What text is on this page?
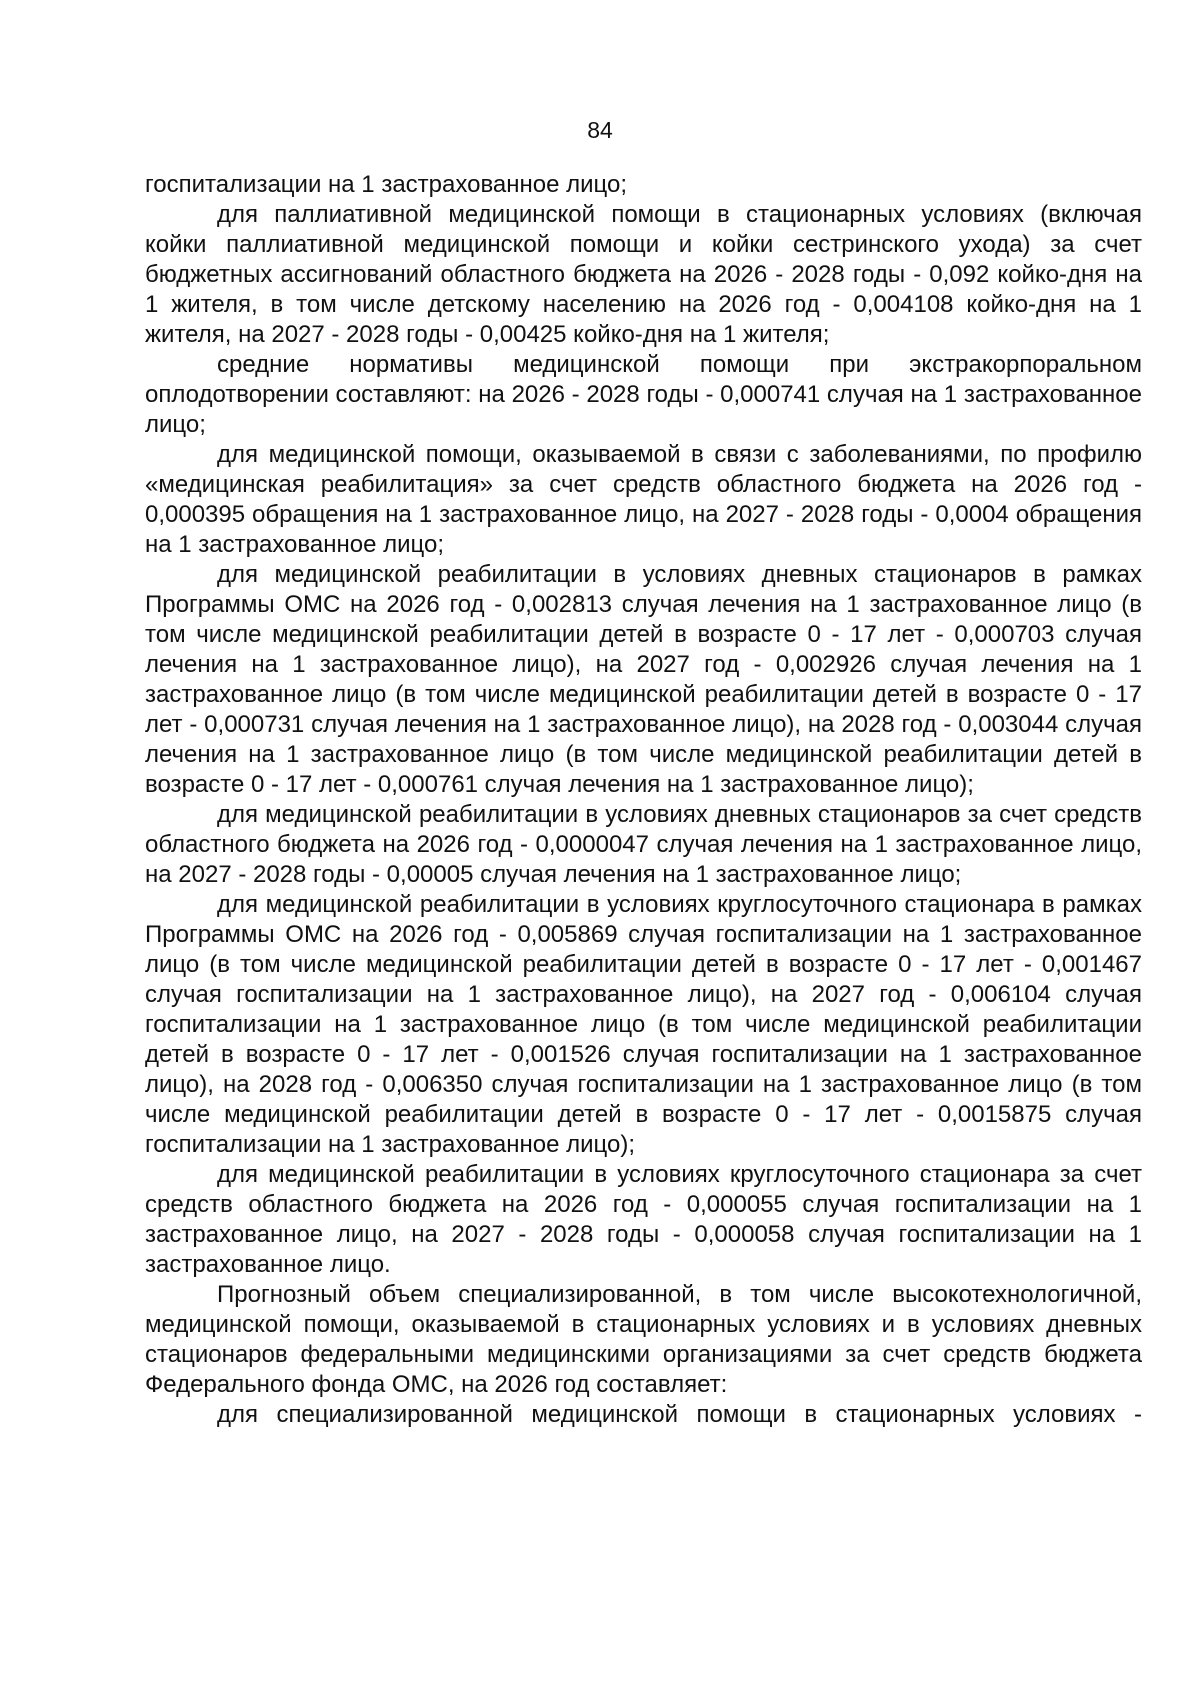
84

госпитализации на 1 застрахованное лицо;

для паллиативной медицинской помощи в стационарных условиях (включая койки паллиативной медицинской помощи и койки сестринского ухода) за счет бюджетных ассигнований областного бюджета на 2026 - 2028 годы - 0,092 койко-дня на 1 жителя, в том числе детскому населению на 2026 год - 0,004108 койко-дня на 1 жителя, на 2027 - 2028 годы - 0,00425 койко-дня на 1 жителя;

средние нормативы медицинской помощи при экстракорпоральном оплодотворении составляют: на 2026 - 2028 годы - 0,000741 случая на 1 застрахованное лицо;

для медицинской помощи, оказываемой в связи с заболеваниями, по профилю «медицинская реабилитация» за счет средств областного бюджета на 2026 год - 0,000395 обращения на 1 застрахованное лицо, на 2027 - 2028 годы - 0,0004 обращения на 1 застрахованное лицо;

для медицинской реабилитации в условиях дневных стационаров в рамках Программы ОМС на 2026 год - 0,002813 случая лечения на 1 застрахованное лицо (в том числе медицинской реабилитации детей в возрасте 0 - 17 лет - 0,000703 случая лечения на 1 застрахованное лицо), на 2027 год - 0,002926 случая лечения на 1 застрахованное лицо (в том числе медицинской реабилитации детей в возрасте 0 - 17 лет - 0,000731 случая лечения на 1 застрахованное лицо), на 2028 год - 0,003044 случая лечения на 1 застрахованное лицо (в том числе медицинской реабилитации детей в возрасте 0 - 17 лет - 0,000761 случая лечения на 1 застрахованное лицо);

для медицинской реабилитации в условиях дневных стационаров за счет средств областного бюджета на 2026 год - 0,0000047 случая лечения на 1 застрахованное лицо, на 2027 - 2028 годы - 0,00005 случая лечения на 1 застрахованное лицо;

для медицинской реабилитации в условиях круглосуточного стационара в рамках Программы ОМС на 2026 год - 0,005869 случая госпитализации на 1 застрахованное лицо (в том числе медицинской реабилитации детей в возрасте 0 - 17 лет - 0,001467 случая госпитализации на 1 застрахованное лицо), на 2027 год - 0,006104 случая госпитализации на 1 застрахованное лицо (в том числе медицинской реабилитации детей в возрасте 0 - 17 лет - 0,001526 случая госпитализации на 1 застрахованное лицо), на 2028 год - 0,006350 случая госпитализации на 1 застрахованное лицо (в том числе медицинской реабилитации детей в возрасте 0 - 17 лет - 0,0015875 случая госпитализации на 1 застрахованное лицо);

для медицинской реабилитации в условиях круглосуточного стационара за счет средств областного бюджета на 2026 год - 0,000055 случая госпитализации на 1 застрахованное лицо, на 2027 - 2028 годы - 0,000058 случая госпитализации на 1 застрахованное лицо.

Прогнозный объем специализированной, в том числе высокотехнологичной, медицинской помощи, оказываемой в стационарных условиях и в условиях дневных стационаров федеральными медицинскими организациями за счет средств бюджета Федерального фонда ОМС, на 2026 год составляет:

для специализированной медицинской помощи в стационарных условиях -
